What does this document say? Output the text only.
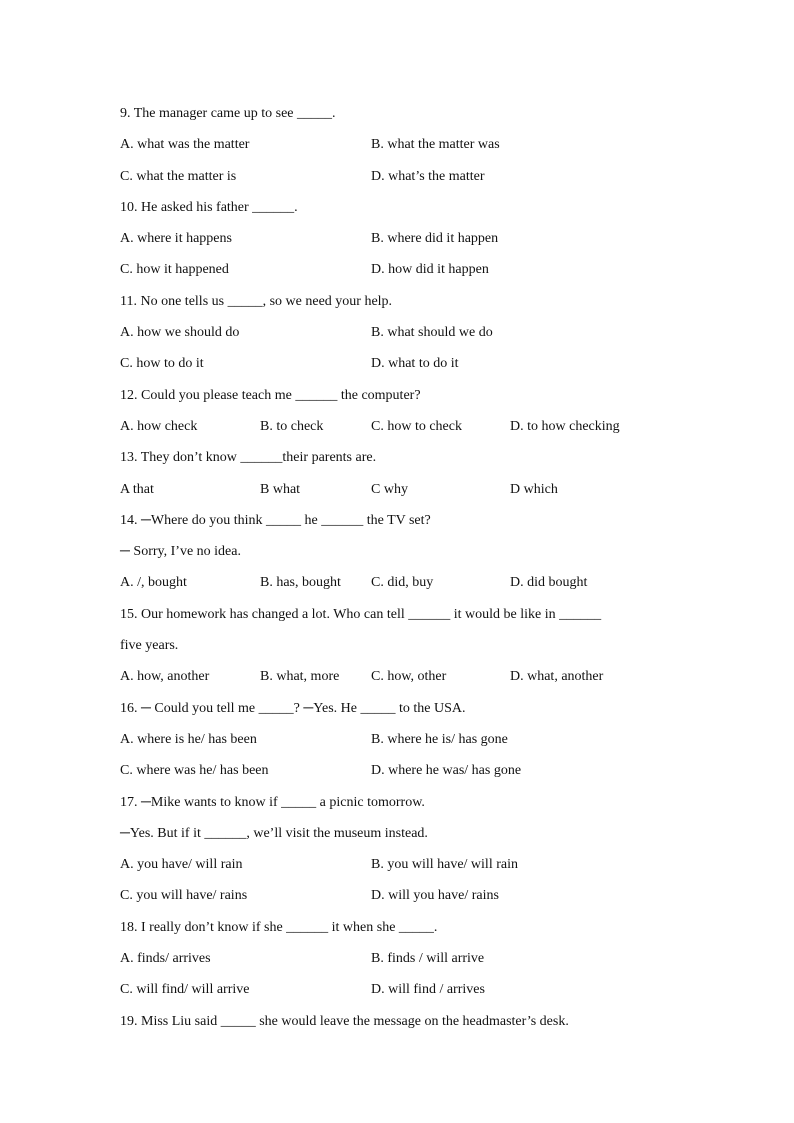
9. The manager came up to see _____.
A. what was the matter	B. what the matter was
C. what the matter is	D. what’s the matter
10. He asked his father ______.
A. where it happens	B. where did it happen
C. how it happened	D. how did it happen
11. No one tells us _____, so we need your help.
A. how we should do	B. what should we do
C. how to do it	D. what to do it
12. Could you please teach me ______ the computer?
A. how check	B. to check	C. how to check	D. to how checking
13. They don’t know ______their parents are.
A that	B what	C why	D which
14. ─Where do you think _____ he ______ the TV set?
─ Sorry, I’ve no idea.
A. /, bought	B. has, bought C. did, buy	D. did bought
15. Our homework has changed a lot. Who can tell ______ it would be like in ______
five years.
A. how, another	B. what, more C. how, other	D. what, another
16. ─ Could you tell me _____? ─Yes. He _____ to the USA.
A. where is he/ has been	B. where he is/ has gone
C. where was he/ has been	D. where he was/ has gone
17. ─Mike wants to know if _____ a picnic tomorrow.
─Yes. But if it ______, we’ll visit the museum instead.
A. you have/ will rain	B. you will have/ will rain
C. you will have/ rains	D. will you have/ rains
18. I really don’t know if she ______ it when she _____.
A. finds/ arrives	B. finds / will arrive
C. will find/ will arrive	D. will find / arrives
19. Miss Liu said _____ she would leave the message on the headmaster’s desk.
